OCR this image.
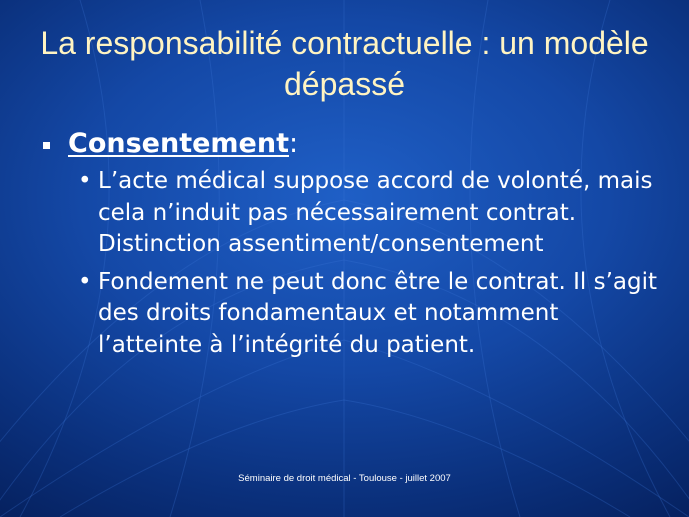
La responsabilité contractuelle : un modèle dépassé
Consentement:
• L’acte médical suppose accord de volonté, mais cela n’induit pas nécessairement contrat. Distinction assentiment/consentement
• Fondement ne peut donc être le contrat. Il s’agit des droits fondamentaux et notamment l’atteinte à l’intégrité du patient.
Séminaire de droit médical - Toulouse - juillet 2007
